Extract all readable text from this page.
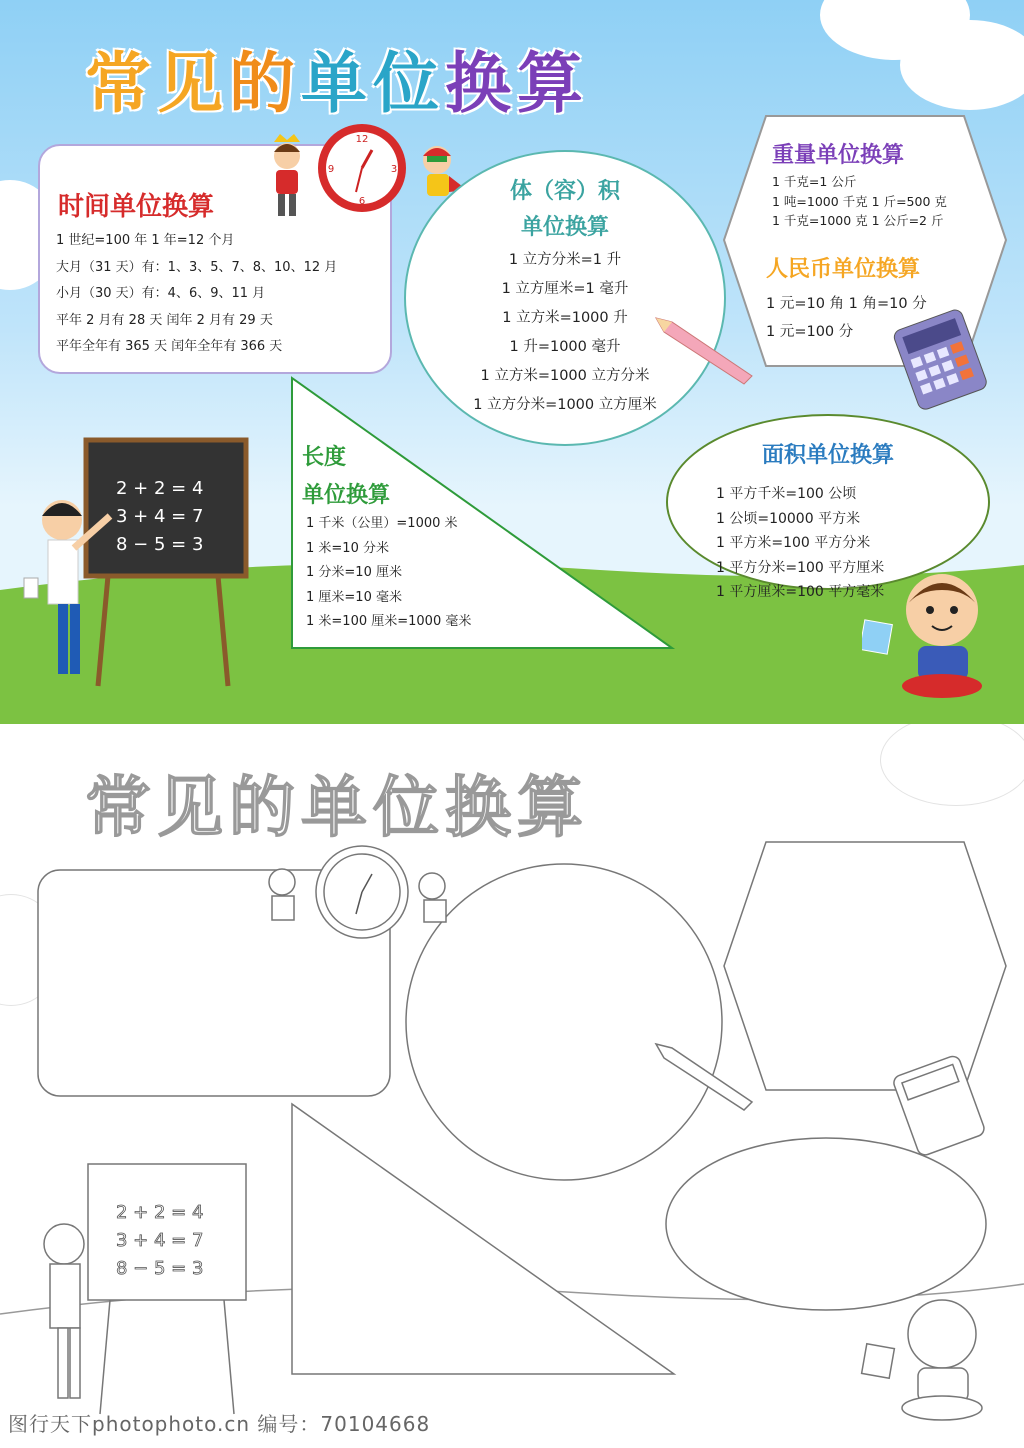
常见的单位换算
时间单位换算
1 世纪=100 年 1 年=12 个月
大月（31 天）有：1、3、5、7、8、10、12 月
小月（30 天）有：4、6、9、11 月
平年 2 月有 28 天 闰年 2 月有 29 天
平年全年有 365 天 闰年全年有 366 天
12
3
6
9
体（容）积
单位换算
1 立方分米=1 升
1 立方厘米=1 毫升
1 立方米=1000 升
1 升=1000 毫升
1 立方米=1000 立方分米
1 立方分米=1000 立方厘米
重量单位换算
1 千克=1 公斤
1 吨=1000 千克 1 斤=500 克
1 千克=1000 克 1 公斤=2 斤
人民币单位换算
1 元=10 角 1 角=10 分
1 元=100 分
长度
单位换算
1 千米（公里）=1000 米
1 米=10 分米
1 分米=10 厘米
1 厘米=10 毫米
1 米=100 厘米=1000 毫米
面积单位换算
1 平方千米=100 公顷
1 公顷=10000 平方米
1 平方米=100 平方分米
1 平方分米=100 平方厘米
1 平方厘米=100 平方毫米
2 + 2 = 4
3 + 4 = 7
8 − 5 = 3
常见的单位换算
2 + 2 = 4
3 + 4 = 7
8 − 5 = 3
图行天下photophoto.cn 编号：70104668
